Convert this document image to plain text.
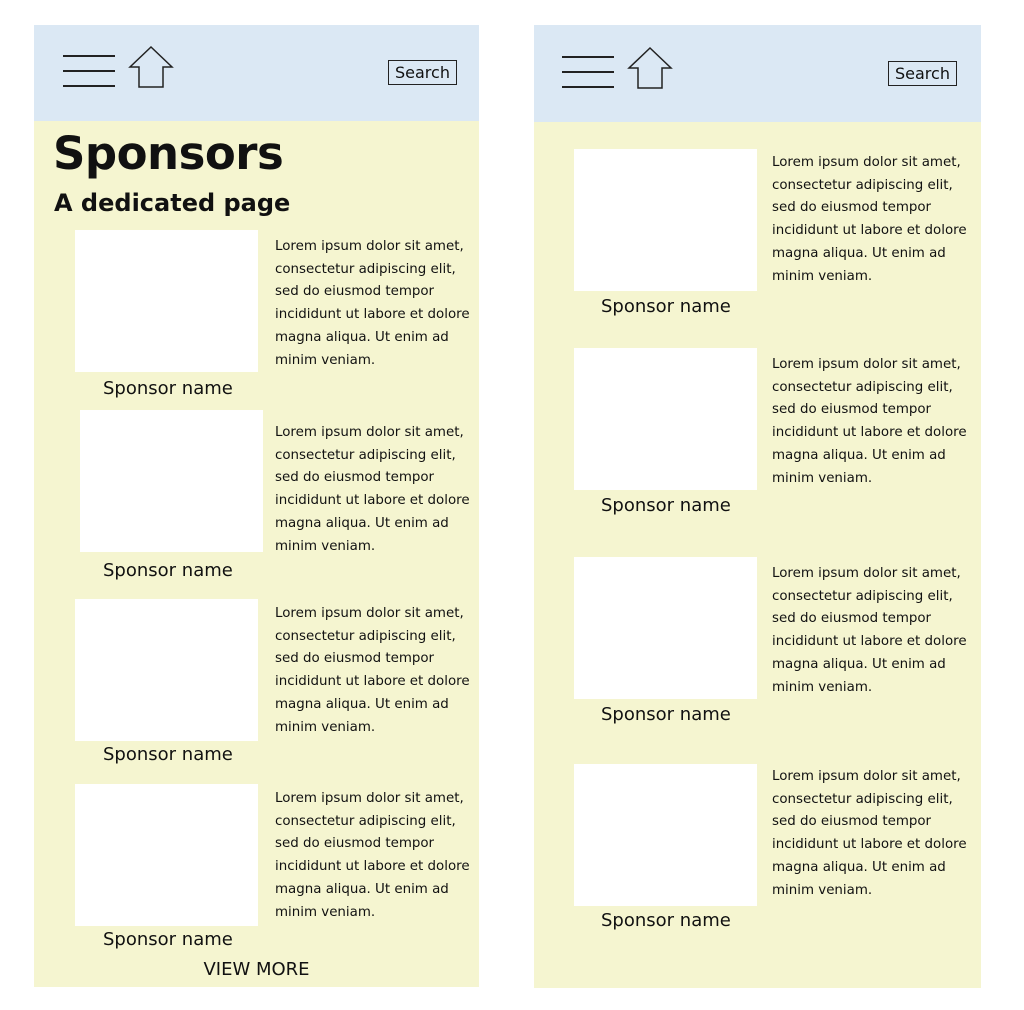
Search
Sponsors
A dedicated page
Sponsor name
Lorem ipsum dolor sit amet, consectetur adipiscing elit, sed do eiusmod tempor incididunt ut labore et dolore magna aliqua. Ut enim ad minim veniam.
Sponsor name
Lorem ipsum dolor sit amet, consectetur adipiscing elit, sed do eiusmod tempor incididunt ut labore et dolore magna aliqua. Ut enim ad minim veniam.
Sponsor name
Lorem ipsum dolor sit amet, consectetur adipiscing elit, sed do eiusmod tempor incididunt ut labore et dolore magna aliqua. Ut enim ad minim veniam.
Sponsor name
Lorem ipsum dolor sit amet, consectetur adipiscing elit, sed do eiusmod tempor incididunt ut labore et dolore magna aliqua. Ut enim ad minim veniam.
VIEW MORE
Search
Sponsor name
Lorem ipsum dolor sit amet, consectetur adipiscing elit, sed do eiusmod tempor incididunt ut labore et dolore magna aliqua. Ut enim ad minim veniam.
Sponsor name
Lorem ipsum dolor sit amet, consectetur adipiscing elit, sed do eiusmod tempor incididunt ut labore et dolore magna aliqua. Ut enim ad minim veniam.
Sponsor name
Lorem ipsum dolor sit amet, consectetur adipiscing elit, sed do eiusmod tempor incididunt ut labore et dolore magna aliqua. Ut enim ad minim veniam.
Sponsor name
Lorem ipsum dolor sit amet, consectetur adipiscing elit, sed do eiusmod tempor incididunt ut labore et dolore magna aliqua. Ut enim ad minim veniam.
